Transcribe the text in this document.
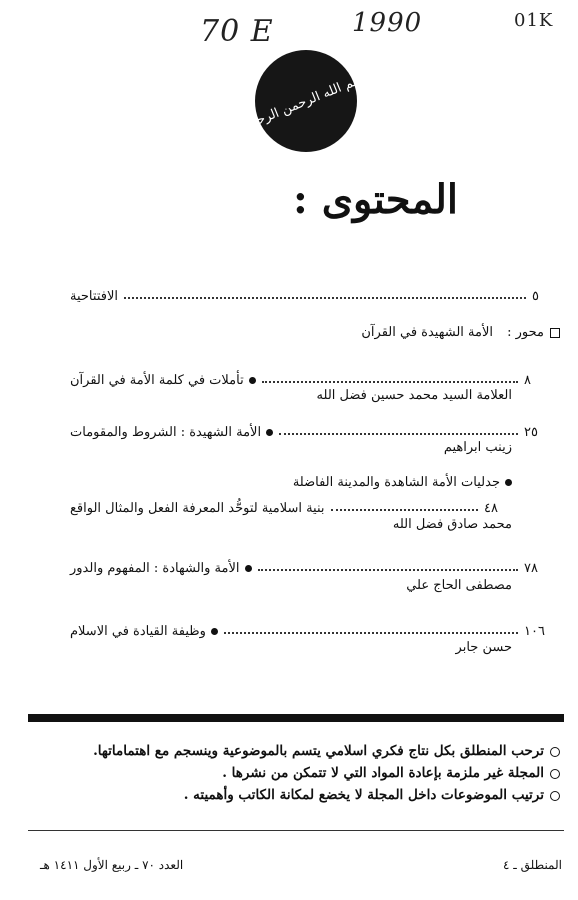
70 E	1990	01K
بسم الله الرحمن الرحيم
المحتوى :
الافتتاحية	٥
محور : الأمة الشهيدة في القرآن
تأملات في كلمة الأمة في القرآن	٨
العلامة السيد محمد حسين فضل الله
الأمة الشهيدة : الشروط والمقومات	٢٥
زينب ابراهيم
جدليات الأمة الشاهدة والمدينة الفاضلة
بنية اسلامية لتوحُّد المعرفة الفعل والمثال الواقع	٤٨
محمد صادق فضل الله
الأمة والشهادة : المفهوم والدور	٧٨
مصطفى الحاج علي
وظيفة القيادة في الاسلام	١٠٦
حسن جابر
ترحب المنطلق بكل نتاج فكري اسلامي يتسم بالموضوعية وينسجم مع اهتماماتها.
المجلة غير ملزمة بإعادة المواد التي لا تتمكن من نشرها .
ترتيب الموضوعات داخل المجلة لا يخضع لمكانة الكاتب وأهميته .
المنطلق ـ ٤
العدد ٧٠ ـ ربيع الأول ١٤١١ هـ
